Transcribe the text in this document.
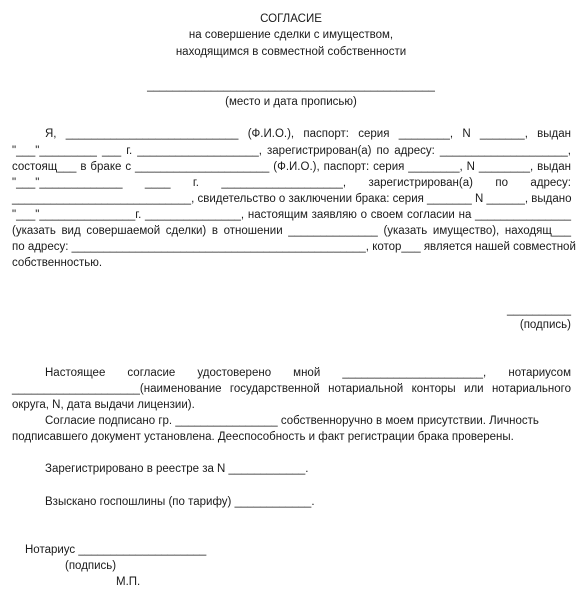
СОГЛАСИЕ
на совершение сделки с имуществом,
находящимся в совместной собственности
_____________________________________________
(место и дата прописью)
Я, ___________________________ (Ф.И.О.), паспорт: серия ________, N _______, выдан
"___"_________ ___ г. ___________________, зарегистрирован(а) по адресу: ____________________,
состоящ___ в браке с _____________________ (Ф.И.О.), паспорт: серия ________, N ________, выдан
"___"_____________ ____ г. ___________________, зарегистрирован(а) по адресу:
____________________________, свидетельство о заключении брака: серия _______ N ______, выдано
"___"_______________г. _______________, настоящим заявляю о своем согласии на _______________
(указать вид совершаемой сделки) в отношении ______________ (указать имущество), находящ___
по адресу: ______________________________________________, котор___ является нашей совместной
собственностью.
__________
(подпись)
Настоящее согласие удостоверено мной ______________________, нотариусом
____________________(наименование государственной нотариальной конторы или нотариального
округа, N, дата выдачи лицензии).
Согласие подписано гр. ________________ собственноручно в моем присутствии. Личность
подписавшего документ установлена. Дееспособность и факт регистрации брака проверены.
Зарегистрировано в реестре за N ____________.
Взыскано госпошлины (по тарифу) ____________.
Нотариус ____________________
(подпись)
М.П.
